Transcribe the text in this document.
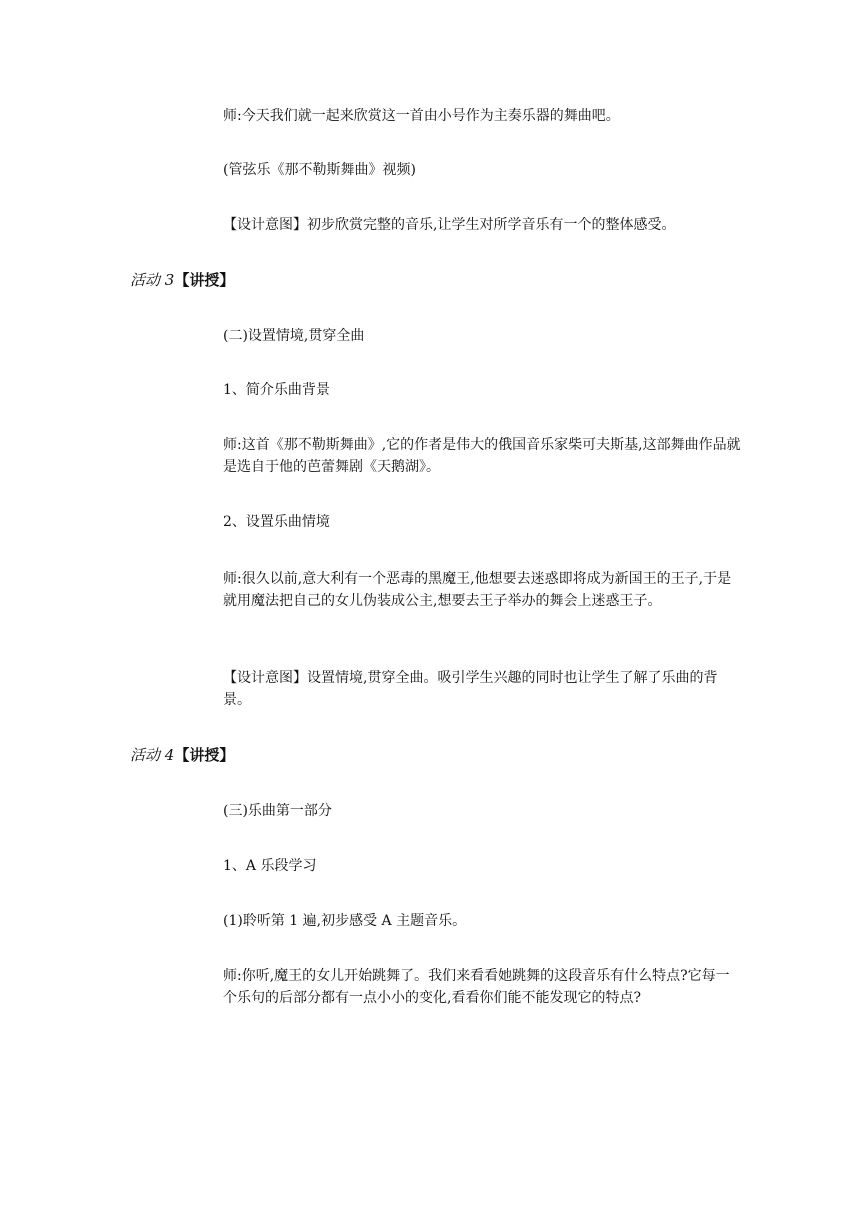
师:今天我们就一起来欣赏这一首由小号作为主奏乐器的舞曲吧。
(管弦乐《那不勒斯舞曲》视频)
【设计意图】初步欣赏完整的音乐,让学生对所学音乐有一个的整体感受。
活动 3【讲授】
(二)设置情境,贯穿全曲
1、简介乐曲背景
师:这首《那不勒斯舞曲》,它的作者是伟大的俄国音乐家柴可夫斯基,这部舞曲作品就是选自于他的芭蕾舞剧《天鹅湖》。
2、设置乐曲情境
师:很久以前,意大利有一个恶毒的黑魔王,他想要去迷惑即将成为新国王的王子,于是就用魔法把自己的女儿伪装成公主,想要去王子举办的舞会上迷惑王子。
【设计意图】设置情境,贯穿全曲。吸引学生兴趣的同时也让学生了解了乐曲的背景。
活动 4【讲授】
(三)乐曲第一部分
1、A 乐段学习
(1)聆听第 1 遍,初步感受 A 主题音乐。
师:你听,魔王的女儿开始跳舞了。我们来看看她跳舞的这段音乐有什么特点?它每一个乐句的后部分都有一点小小的变化,看看你们能不能发现它的特点?
